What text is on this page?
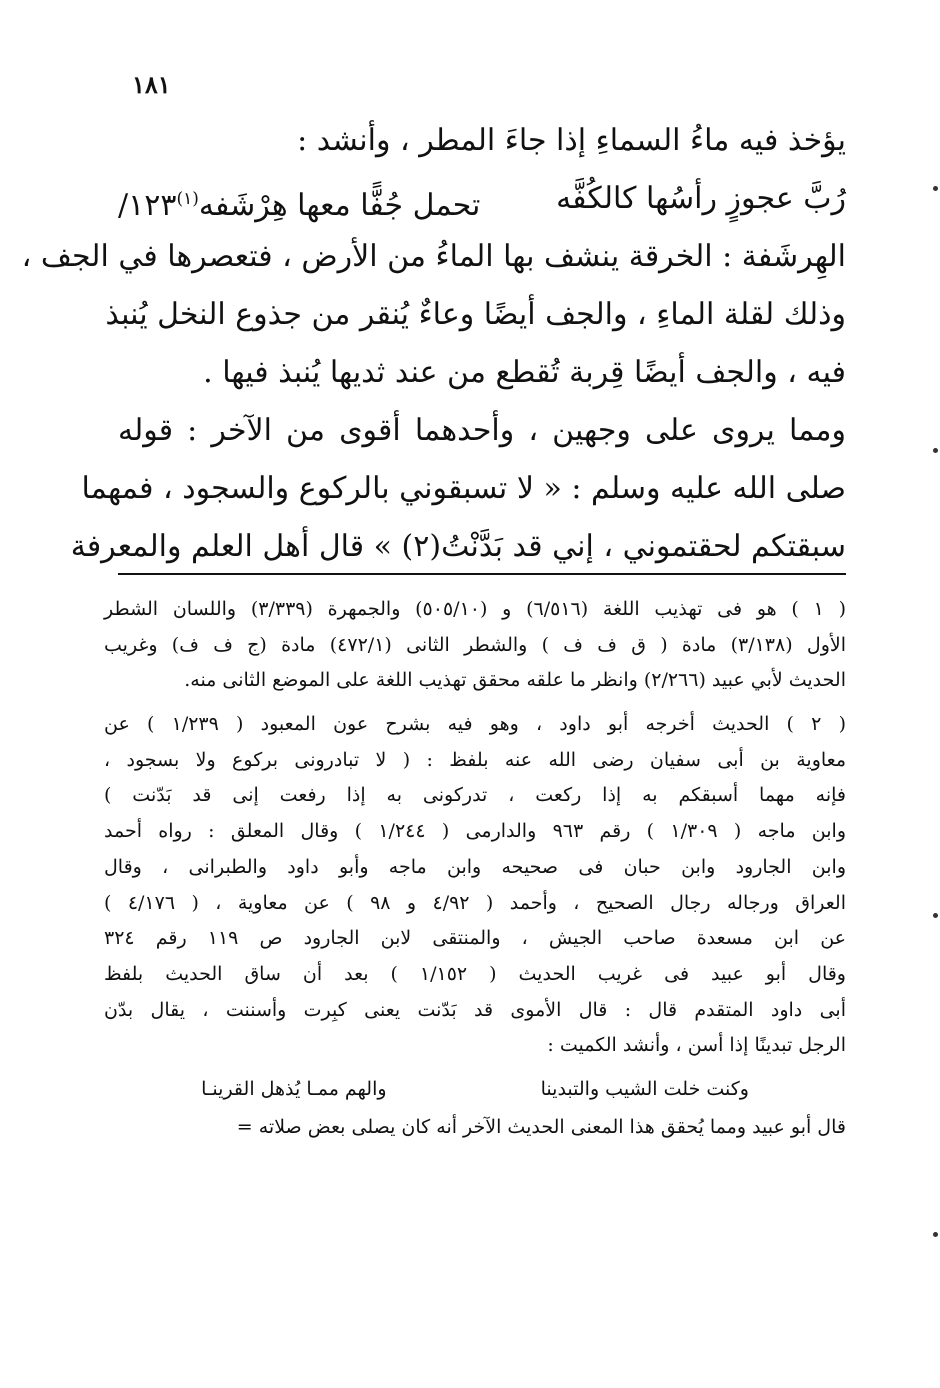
١٨١
يؤخذ فيه ماءُ السماءِ إذا جاءَ المطر ، وأنشد :
رُبَّ عجوزٍ رأسُها كالكُفَّه
تحمل جُفًّا معها هِرْشَفه$^{(١)}$١٢٣/
الهِرشَفة : الخرقة ينشف بها الماءُ من الأرض ، فتعصرها في الجف ،
وذلك لقلة الماءِ ، والجف أيضًا وعاءٌ يُنقر من جذوع النخل يُنبذ
فيه ، والجف أيضًا قِربة تُقطع من عند ثديها يُنبذ فيها .
ومما يروى على وجهين ، وأحدهما أقوى من الآخر : قوله
صلى الله عليه وسلم : « لا تسبقوني بالركوع والسجود ، فمهما
سبقتكم لحقتموني ، إني قد بَدَّنْتُ(٢) » قال أهل العلم والمعرفة
( ١ ) هو فى تهذيب اللغة (٦/٥١٦) و (٥٠٥/١٠) والجمهرة (٣/٣٣٩) واللسان الشطر
الأول (٣/١٣٨) مادة ( ق ف ف ) والشطر الثانى (٤٧٢/١) مادة (ج ف ف) وغريب
الحديث لأبي عبيد (٢/٢٦٦) وانظر ما علقه محقق تهذيب اللغة على الموضع الثانى منه.
( ٢ ) الحديث أخرجه أبو داود ، وهو فيه بشرح عون المعبود ( ١/٢٣٩ ) عن
معاوية بن أبى سفيان رضى الله عنه بلفظ : ( لا تبادرونى بركوع ولا بسجود ،
فإنه مهما أسبقكم به إذا ركعت ، تدركونى به إذا رفعت إنى قد بَدّنت )
وابن ماجه ( ١/٣٠٩ ) رقم ٩٦٣ والدارمى ( ١/٢٤٤ ) وقال المعلق : رواه أحمد
وابن الجارود وابن حبان فى صحيحه وابن ماجه وأبو داود والطبرانى ، وقال
العراق ورجاله رجال الصحيح ، وأحمد ( ٤/٩٢ و ٩٨ ) عن معاوية ، ( ٤/١٧٦ )
عن ابن مسعدة صاحب الجيش ، والمنتقى لابن الجارود ص ١١٩ رقم ٣٢٤
وقال أبو عبيد فى غريب الحديث ( ١/١٥٢ ) بعد أن ساق الحديث بلفظ
أبى داود المتقدم قال : قال الأموى قد بَدّنت يعنى كبِرت وأسننت ، يقال بدّن
الرجل تبدينًا إذا أسن ، وأنشد الكميت :
وكنت خلت الشيب والتبدينا
والهم ممـا يُذهل القرينـا
قال أبو عبيد ومما يُحقق هذا المعنى الحديث الآخر أنه كان يصلى بعض صلاته =
